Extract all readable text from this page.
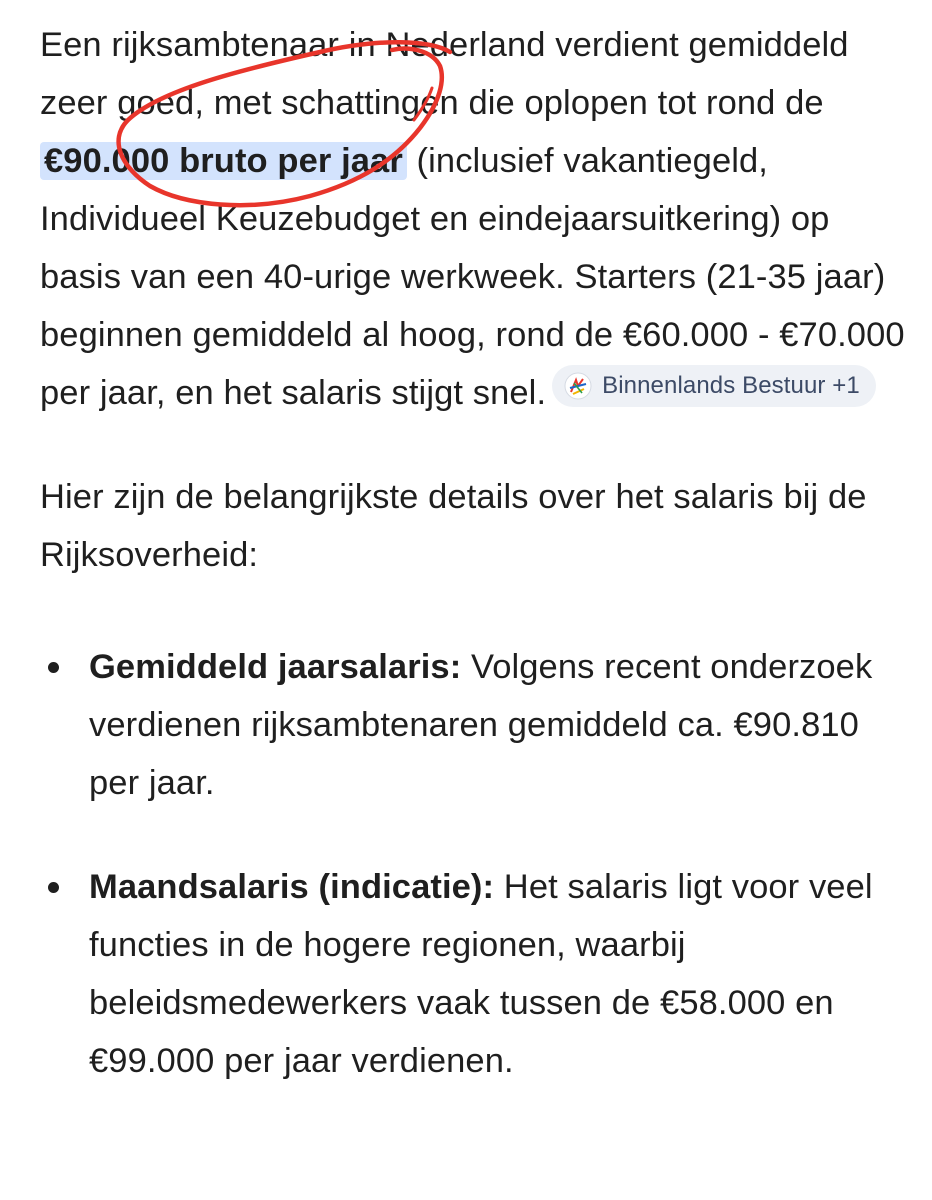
Een rijksambtenaar in Nederland verdient gemiddeld zeer goed, met schattingen die oplopen tot rond de €90.000 bruto per jaar (inclusief vakantiegeld, Individueel Keuzebudget en eindejaarsuitkering) op basis van een 40-urige werkweek. Starters (21-35 jaar) beginnen gemiddeld al hoog, rond de €60.000 - €70.000 per jaar, en het salaris stijgt snel. Binnenlands Bestuur +1

Hier zijn de belangrijkste details over het salaris bij de Rijksoverheid:

Gemiddeld jaarsalaris: Volgens recent onderzoek verdienen rijksambtenaren gemiddeld ca. €90.810 per jaar.
Maandsalaris (indicatie): Het salaris ligt voor veel functies in de hogere regionen, waarbij beleidsmedewerkers vaak tussen de €58.000 en €99.000 per jaar verdienen.
